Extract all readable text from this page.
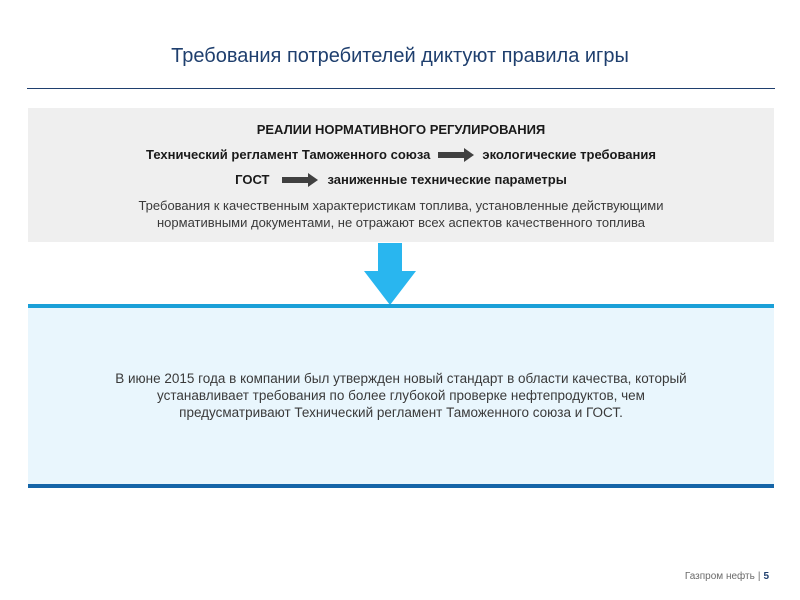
Требования потребителей диктуют правила игры
РЕАЛИИ НОРМАТИВНОГО РЕГУЛИРОВАНИЯ
Технический регламент Таможенного союза	экологические требования
ГОСТ	заниженные технические параметры
Требования к качественным характеристикам топлива, установленные действующими
нормативными документами, не отражают всех аспектов качественного топлива
В июне 2015 года в компании был утвержден новый стандарт в области качества, который
устанавливает требования по более глубокой проверке нефтепродуктов, чем
предусматривают Технический регламент Таможенного союза и ГОСТ.
Газпром нефть | 5
